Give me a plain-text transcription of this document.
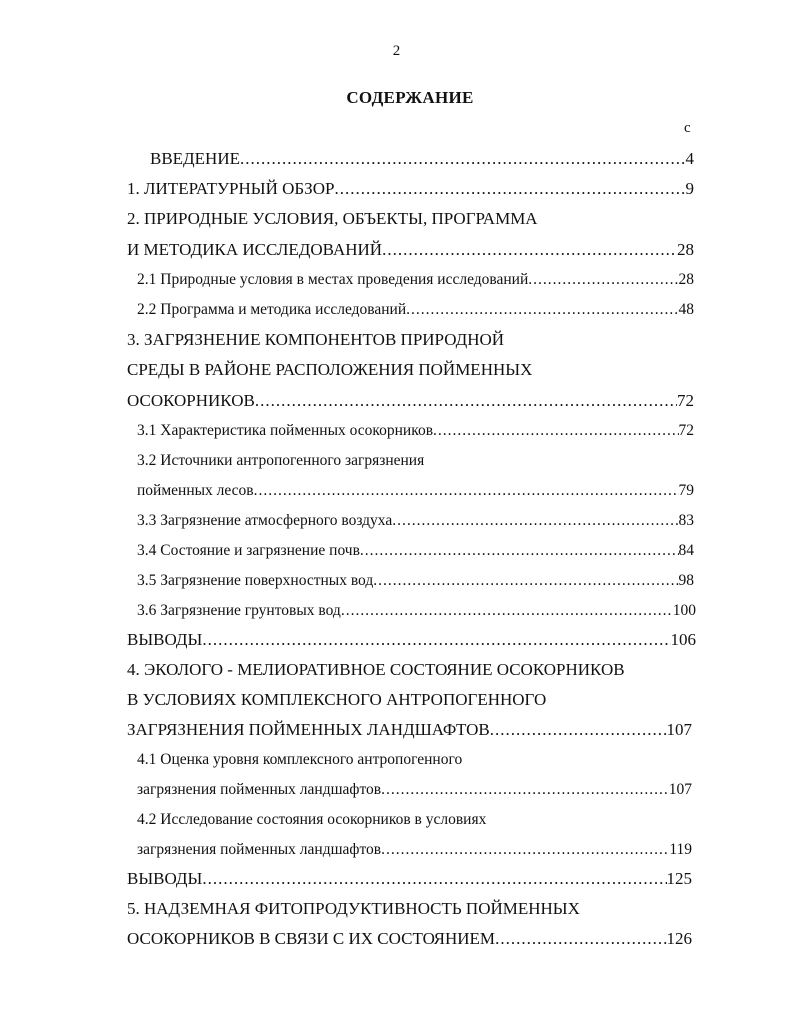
2
СОДЕРЖАНИЕ
с
ВВЕДЕНИЕ .....	4
1. ЛИТЕРАТУРНЫЙ ОБЗОР .....	9
2. ПРИРОДНЫЕ УСЛОВИЯ, ОБЪЕКТЫ, ПРОГРАММА
И МЕТОДИКА ИССЛЕДОВАНИЙ .....	28
2.1 Природные условия в местах проведения исследований .....	28
2.2 Программа и методика исследований .....	48
3. ЗАГРЯЗНЕНИЕ КОМПОНЕНТОВ ПРИРОДНОЙ
СРЕДЫ В РАЙОНЕ РАСПОЛОЖЕНИЯ ПОЙМЕННЫХ
ОСОКОРНИКОВ .....	72
3.1 Характеристика пойменных осокорников .....	72
3.2 Источники антропогенного загрязнения
пойменных лесов .....	79
3.3 Загрязнение атмосферного воздуха .....	83
3.4 Состояние и загрязнение почв .....	84
3.5 Загрязнение поверхностных вод .....	98
3.6 Загрязнение грунтовых вод .....	100
ВЫВОДЫ .....	106
4. ЭКОЛОГО - МЕЛИОРАТИВНОЕ СОСТОЯНИЕ ОСОКОРНИКОВ
В УСЛОВИЯХ КОМПЛЕКСНОГО АНТРОПОГЕННОГО
ЗАГРЯЗНЕНИЯ ПОЙМЕННЫХ ЛАНДШАФТОВ .....	107
4.1 Оценка уровня комплексного антропогенного
загрязнения пойменных ландшафтов .....	107
4.2 Исследование состояния осокорников в условиях
загрязнения пойменных ландшафтов .....	119
ВЫВОДЫ .....	125
5. НАДЗЕМНАЯ ФИТОПРОДУКТИВНОСТЬ ПОЙМЕННЫХ
ОСОКОРНИКОВ В СВЯЗИ С ИХ СОСТОЯНИЕМ .....	126
